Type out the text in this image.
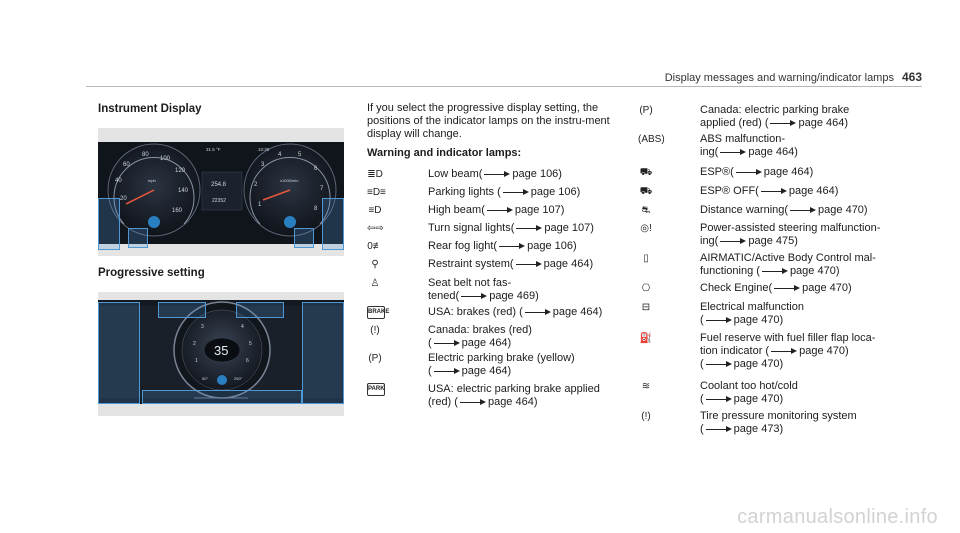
Display messages and warning/indicator lamps 463
Instrument Display
20
40
60
80
100
120
140
160
mph
1
2
3
4	5
6
7
8
x1000/min
31.5 °F	10:30
254.8
22352
Progressive setting
35
1
2
3	4
5
6
50°	250°

If you select the progressive display setting, the positions of the indicator lamps on the instru-ment display will change.

Warning and indicator lamps:
≣D	Low beam(	page 106)
≡D≡	Parking lights (	page 106)
≡D	High beam(	page 107)
⇦⇨	Turn signal lights(	page 107)
0≢	Rear fog light(	page 106)
⚲	Restraint system(	page 464)
♙	Seat belt not fas-
tened(	page 469)
BRAKE	USA: brakes (red) (	page 464)
(!)	Canada: brakes (red)
(	page 464)
(P)	Electric parking brake (yellow)
(	page 464)
PARK	USA: electric parking brake applied
(red) (	page 464)
(P)	Canada: electric parking brake
applied (red) (	page 464)
(ABS)	ABS malfunction-
ing(	page 464)
⛟	ESP®(	page 464)
⛟	ESP® OFF(	page 464)
⛐	Distance warning(	page 470)
◎!	Power-assisted steering malfunction-
ing(	page 475)
▯	AIRMATIC/Active Body Control mal-
functioning (	page 470)
⎔	Check Engine(	page 470)
⊟	Electrical malfunction
(	page 470)
⛽	Fuel reserve with fuel filler flap loca-
tion indicator (	page 470)
(	page 470)
≋	Coolant too hot/cold
(	page 470)
(!)	Tire pressure monitoring system
(	page 473)
carmanualsonline.info
